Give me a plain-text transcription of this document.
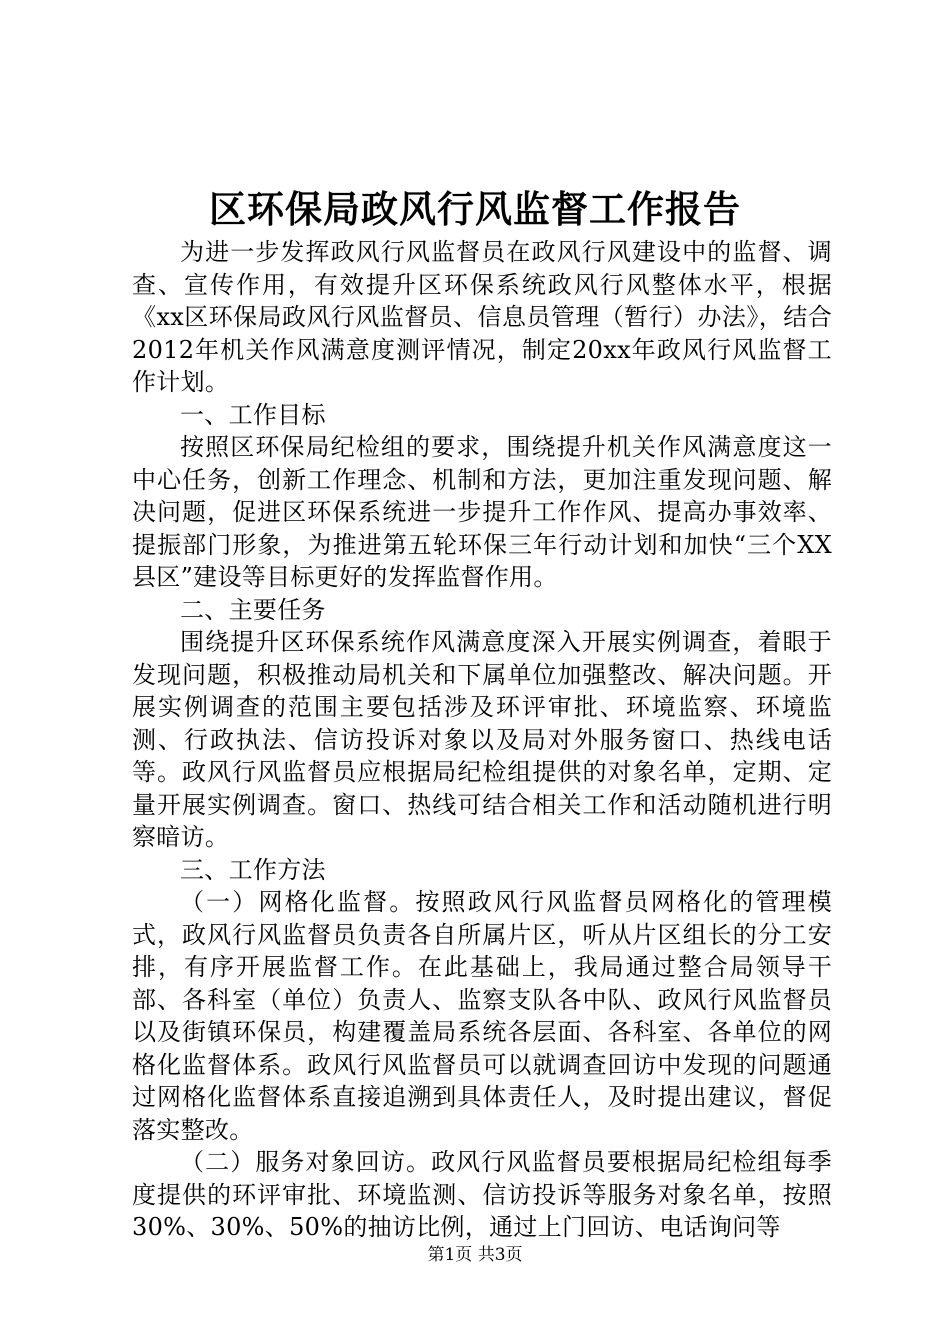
区环保局政风行风监督工作报告

为进一步发挥政风行风监督员在政风行风建设中的监督、调查、宣传作用，有效提升区环保系统政风行风整体水平，根据《xx区环保局政风行风监督员、信息员管理（暂行）办法》，结合2012年机关作风满意度测评情况，制定20xx年政风行风监督工作计划。

一、工作目标

按照区环保局纪检组的要求，围绕提升机关作风满意度这一中心任务，创新工作理念、机制和方法，更加注重发现问题、解决问题，促进区环保系统进一步提升工作作风、提高办事效率、提振部门形象，为推进第五轮环保三年行动计划和加快“三个XX县区”建设等目标更好的发挥监督作用。

二、主要任务

围绕提升区环保系统作风满意度深入开展实例调查，着眼于发现问题，积极推动局机关和下属单位加强整改、解决问题。开展实例调查的范围主要包括涉及环评审批、环境监察、环境监测、行政执法、信访投诉对象以及局对外服务窗口、热线电话等。政风行风监督员应根据局纪检组提供的对象名单，定期、定量开展实例调查。窗口、热线可结合相关工作和活动随机进行明察暗访。

三、工作方法

（一）网格化监督。按照政风行风监督员网格化的管理模式，政风行风监督员负责各自所属片区，听从片区组长的分工安排，有序开展监督工作。在此基础上，我局通过整合局领导干部、各科室（单位）负责人、监察支队各中队、政风行风监督员以及街镇环保员，构建覆盖局系统各层面、各科室、各单位的网格化监督体系。政风行风监督员可以就调查回访中发现的问题通过网格化监督体系直接追溯到具体责任人，及时提出建议，督促落实整改。

（二）服务对象回访。政风行风监督员要根据局纪检组每季度提供的环评审批、环境监测、信访投诉等服务对象名单，按照30%、30%、50%的抽访比例，通过上门回访、电话询问等

第1页 共3页
